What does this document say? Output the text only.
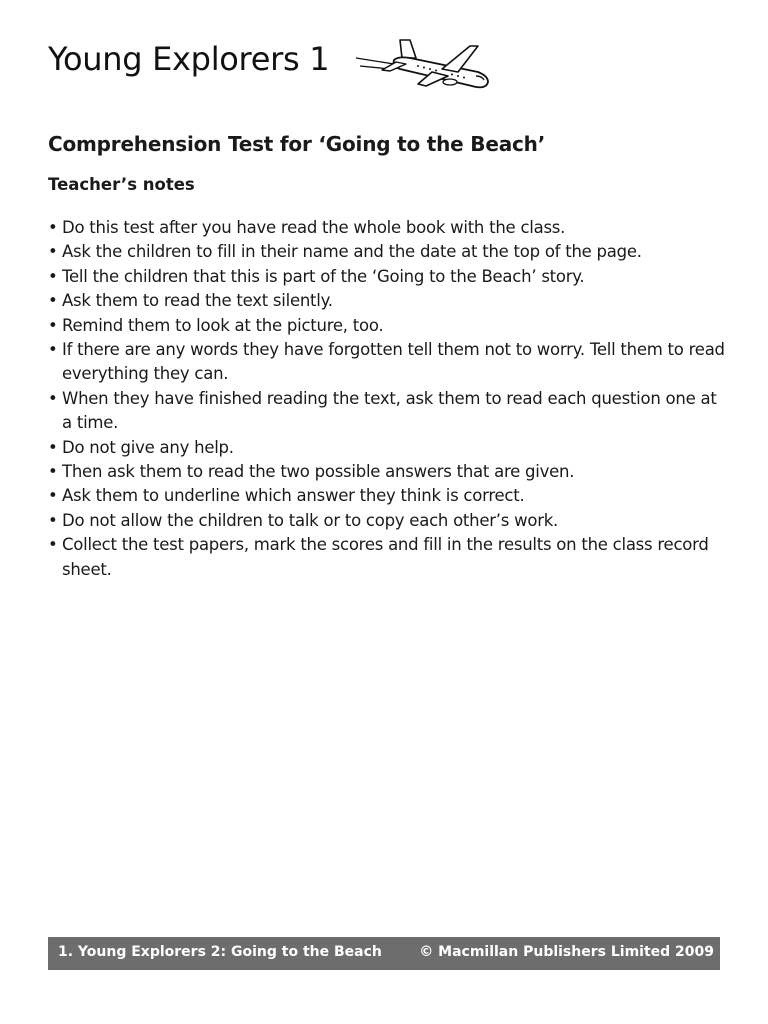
Young Explorers 1
Comprehension Test for ‘Going to the Beach’
Teacher’s notes
• Do this test after you have read the whole book with the class.
• Ask the children to fill in their name and the date at the top of the page.
• Tell the children that this is part of the ‘Going to the Beach’ story.
• Ask them to read the text silently.
• Remind them to look at the picture, too.
• If there are any words they have forgotten tell them not to worry. Tell them to read everything they can.
• When they have finished reading the text, ask them to read each question one at a time.
• Do not give any help.
• Then ask them to read the two possible answers that are given.
• Ask them to underline which answer they think is correct.
• Do not allow the children to talk or to copy each other’s work.
• Collect the test papers, mark the scores and fill in the results on the class record sheet.
1. Young Explorers 2: Going to the Beach	© Macmillan Publishers Limited 2009
